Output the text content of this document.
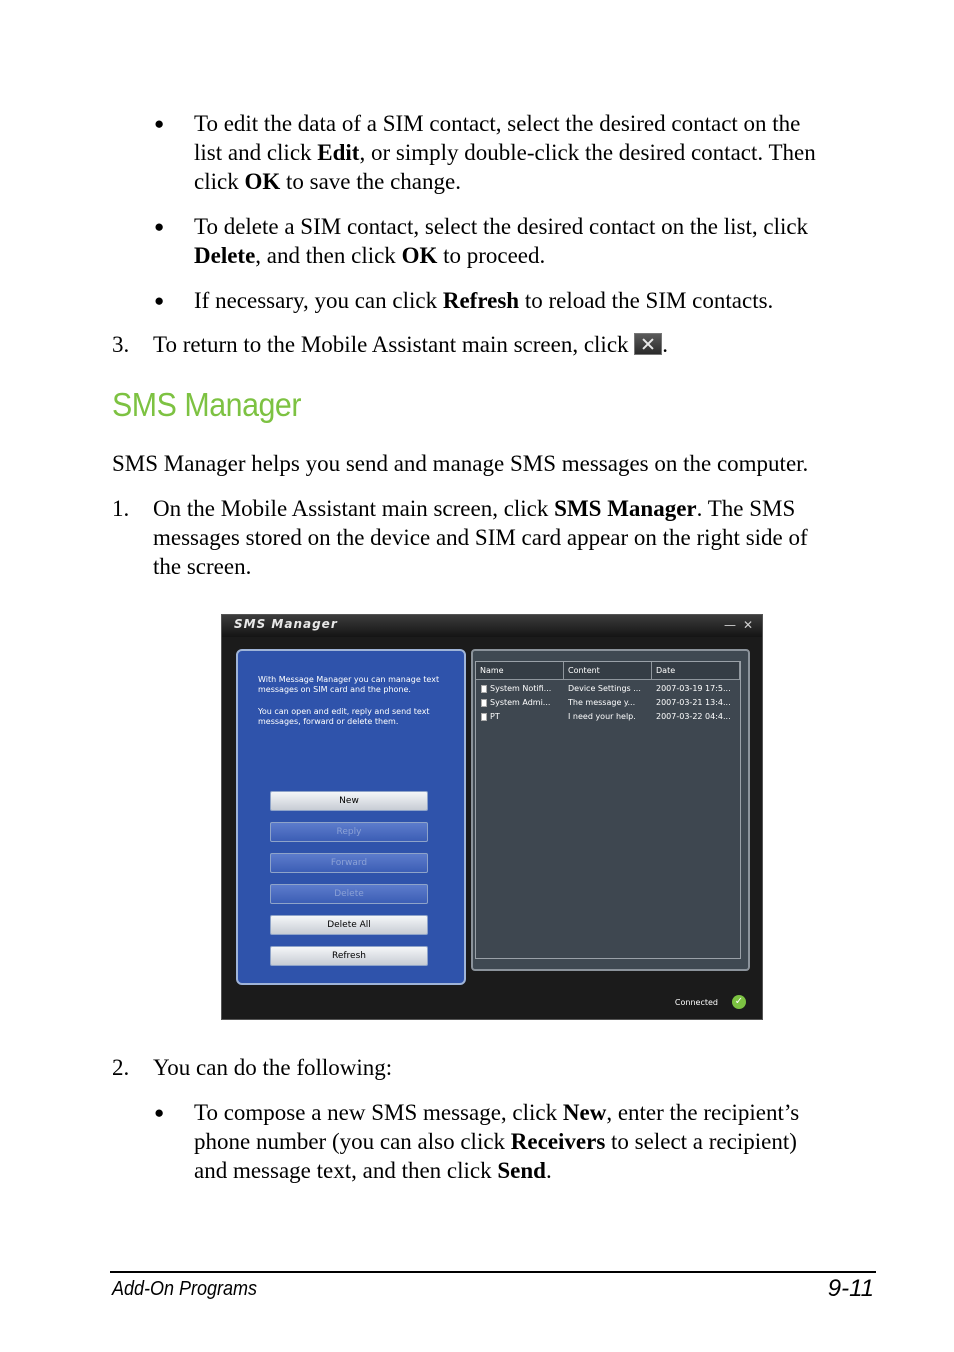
● To edit the data of a SIM contact, select the desired contact on the
list and click Edit, or simply double-click the desired contact. Then
click OK to save the change.
● To delete a SIM contact, select the desired contact on the list, click
Delete, and then click OK to proceed.
● If necessary, you can click Refresh to reload the SIM contacts.
3. To return to the Mobile Assistant main screen, click .
SMS Manager
SMS Manager helps you send and manage SMS messages on the computer.
1. On the Mobile Assistant main screen, click SMS Manager. The SMS
messages stored on the device and SIM card appear on the right side of
the screen.
SMS Manager	— ✕
With Message Manager you can manage text
messages on SIM card and the phone.
You can open and edit, reply and send text
messages, forward or delete them.
New
Reply
Forward
Delete
Delete All
Refresh
Name	Content	Date
System Notifi...	Device Settings ...	2007-03-19 17:5...
System Admi...	The message y...	2007-03-21 13:4...
PT	I need your help.	2007-03-22 04:4...
Connected ✓
2. You can do the following:
● To compose a new SMS message, click New, enter the recipient’s
phone number (you can also click Receivers to select a recipient)
and message text, and then click Send.
Add-On Programs	9-11
